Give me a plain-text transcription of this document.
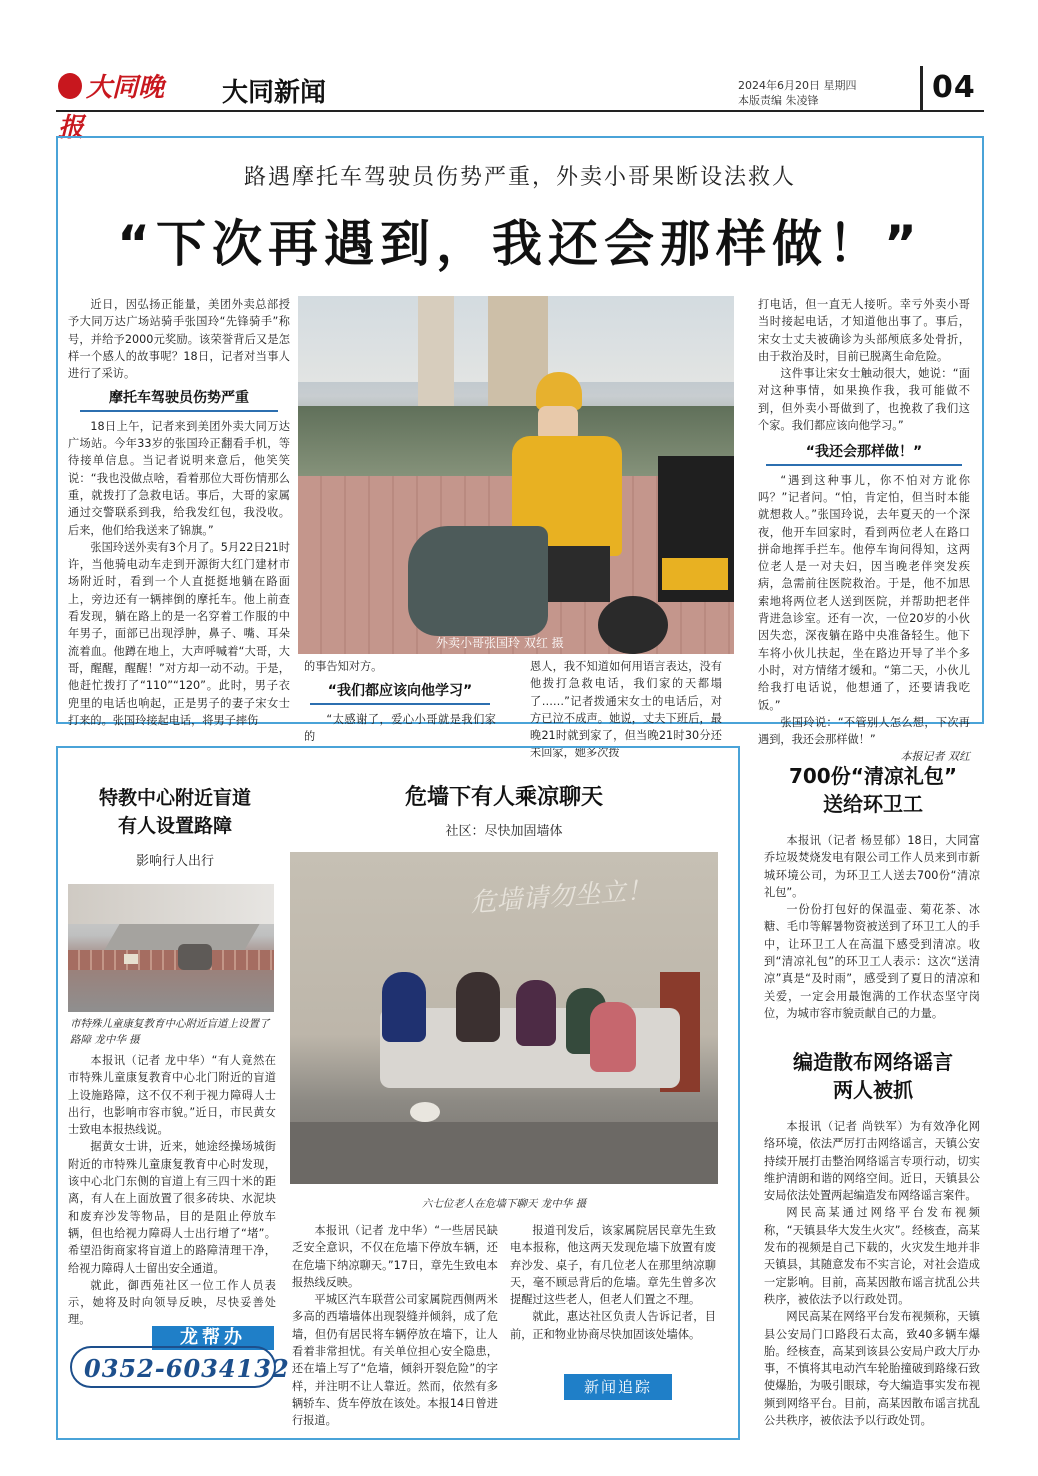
大同晚报
大同新闻	2024年6月20日 星期四
本版责编 朱凌锋	04
路遇摩托车驾驶员伤势严重，外卖小哥果断设法救人
“下次再遇到，我还会那样做！”

近日，因弘扬正能量，美团外卖总部授予大同万达广场站骑手张国玲“先锋骑手”称号，并给予2000元奖励。该荣誉背后又是怎样一个感人的故事呢？18日，记者对当事人进行了采访。

摩托车驾驶员伤势严重

18日上午，记者来到美团外卖大同万达广场站。今年33岁的张国玲正翻看手机，等待接单信息。当记者说明来意后，他笑笑说：“我也没做点啥，看着那位大哥伤情那么重，就拨打了急救电话。事后，大哥的家属通过交警联系到我，给我发红包，我没收。后来，他们给我送来了锦旗。”

张国玲送外卖有3个月了。5月22日21时许，当他骑电动车走到开源街大红门建材市场附近时，看到一个人直挺挺地躺在路面上，旁边还有一辆摔倒的摩托车。他上前查看发现，躺在路上的是一名穿着工作服的中年男子，面部已出现浮肿，鼻子、嘴、耳朵流着血。他蹲在地上，大声呼喊着“大哥，大哥，醒醒，醒醒！”对方却一动不动。于是，他赶忙拨打了“110”“120”。此时，男子衣兜里的电话也响起，正是男子的妻子宋女士打来的。张国玲接起电话，将男子摔伤

外卖小哥张国玲 双红 摄
的事告知对方。
“我们都应该向他学习”

“太感谢了，爱心小哥就是我们家的

恩人，我不知道如何用语言表达，没有他拨打急救电话，我们家的天都塌了……”记者拨通宋女士的电话后，对方已泣不成声。她说，丈夫下班后，最晚21时就到家了，但当晚21时30分还未回家，她多次拨
打电话，但一直无人接听。幸亏外卖小哥当时接起电话，才知道他出事了。事后，宋女士丈夫被确诊为头部颅底多处骨折，由于救治及时，目前已脱离生命危险。

这件事让宋女士触动很大，她说：“面对这种事情，如果换作我，我可能做不到，但外卖小哥做到了，也挽救了我们这个家。我们都应该向他学习。”

“我还会那样做！”

“遇到这种事儿，你不怕对方讹你吗？”记者问。“怕，肯定怕，但当时本能就想救人。”张国玲说，去年夏天的一个深夜，他开车回家时，看到两位老人在路口拼命地挥手拦车。他停车询问得知，这两位老人是一对夫妇，因当晚老伴突发疾病，急需前往医院救治。于是，他不加思索地将两位老人送到医院，并帮助把老伴背进急诊室。还有一次，一位20岁的小伙因失恋，深夜躺在路中央准备轻生。他下车将小伙儿扶起，坐在路边开导了半个多小时，对方情绪才缓和。“第二天，小伙儿给我打电话说，他想通了，还要请我吃饭。”

张国玲说：“不管别人怎么想，下次再遇到，我还会那样做！”

本报记者 双红
特教中心附近盲道
有人设置路障
影响行人出行
市特殊儿童康复教育中心附近盲道上设置了路障 龙中华 摄

本报讯（记者 龙中华）“有人竟然在市特殊儿童康复教育中心北门附近的盲道上设施路障，这不仅不利于视力障碍人士出行，也影响市容市貌。”近日，市民黄女士致电本报热线说。

据黄女士讲，近来，她途经操场城街附近的市特殊儿童康复教育中心时发现，该中心北门东侧的盲道上有三四十米的距离，有人在上面放置了很多砖块、水泥块和废弃沙发等物品，目的是阻止停放车辆，但也给视力障碍人士出行增了“堵”。希望沿街商家将盲道上的路障清理干净，给视力障碍人士留出安全通道。

就此，御西苑社区一位工作人员表示，她将及时向领导反映，尽快妥善处理。

龙帮办
0352-6034132
危墙下有人乘凉聊天
社区：尽快加固墙体
危墙请勿坐立！
六七位老人在危墙下聊天 龙中华 摄

本报讯（记者 龙中华）“一些居民缺乏安全意识，不仅在危墙下停放车辆，还在危墙下纳凉聊天。”17日，章先生致电本报热线反映。

平城区汽车联营公司家属院西侧两米多高的西墙墙体出现裂缝并倾斜，成了危墙，但仍有居民将车辆停放在墙下，让人看着非常担忧。有关单位担心安全隐患，还在墙上写了“危墙，倾斜开裂危险”的字样，并注明不让人靠近。然而，依然有多辆轿车、货车停放在该处。本报14日曾进行报道。

报道刊发后，该家属院居民章先生致电本报称，他这两天发现危墙下放置有废弃沙发、桌子，有几位老人在那里纳凉聊天，毫不顾忌背后的危墙。章先生曾多次提醒过这些老人，但老人们置之不理。

就此，惠达社区负责人告诉记者，目前，正和物业协商尽快加固该处墙体。

新闻追踪
700份“清凉礼包”
送给环卫工

本报讯（记者 杨昱郁）18日，大同富乔垃圾焚烧发电有限公司工作人员来到市新城环境公司，为环卫工人送去700份“清凉礼包”。

一份份打包好的保温壶、菊花茶、冰糖、毛巾等解暑物资被送到了环卫工人的手中，让环卫工人在高温下感受到清凉。收到“清凉礼包”的环卫工人表示：这次“送清凉”真是“及时雨”，感受到了夏日的清凉和关爱，一定会用最饱满的工作状态坚守岗位，为城市容市貌贡献自己的力量。

编造散布网络谣言
两人被抓

本报讯（记者 尚铁军）为有效净化网络环境，依法严厉打击网络谣言，天镇公安持续开展打击整治网络谣言专项行动，切实维护清朗和谐的网络空间。近日，天镇县公安局依法处置两起编造发布网络谣言案件。

网民高某通过网络平台发布视频称，“天镇县华大发生火灾”。经核查，高某发布的视频是自己下载的，火灾发生地并非天镇县，其随意发布不实言论，对社会造成一定影响。目前，高某因散布谣言扰乱公共秩序，被依法予以行政处罚。

网民高某在网络平台发布视频称，天镇县公安局门口路段石太高，致40多辆车爆胎。经核查，高某到该县公安局户政大厅办事，不慎将其电动汽车轮胎撞破到路缘石致使爆胎，为吸引眼球，夸大编造事实发布视频到网络平台。目前，高某因散布谣言扰乱公共秩序，被依法予以行政处罚。
